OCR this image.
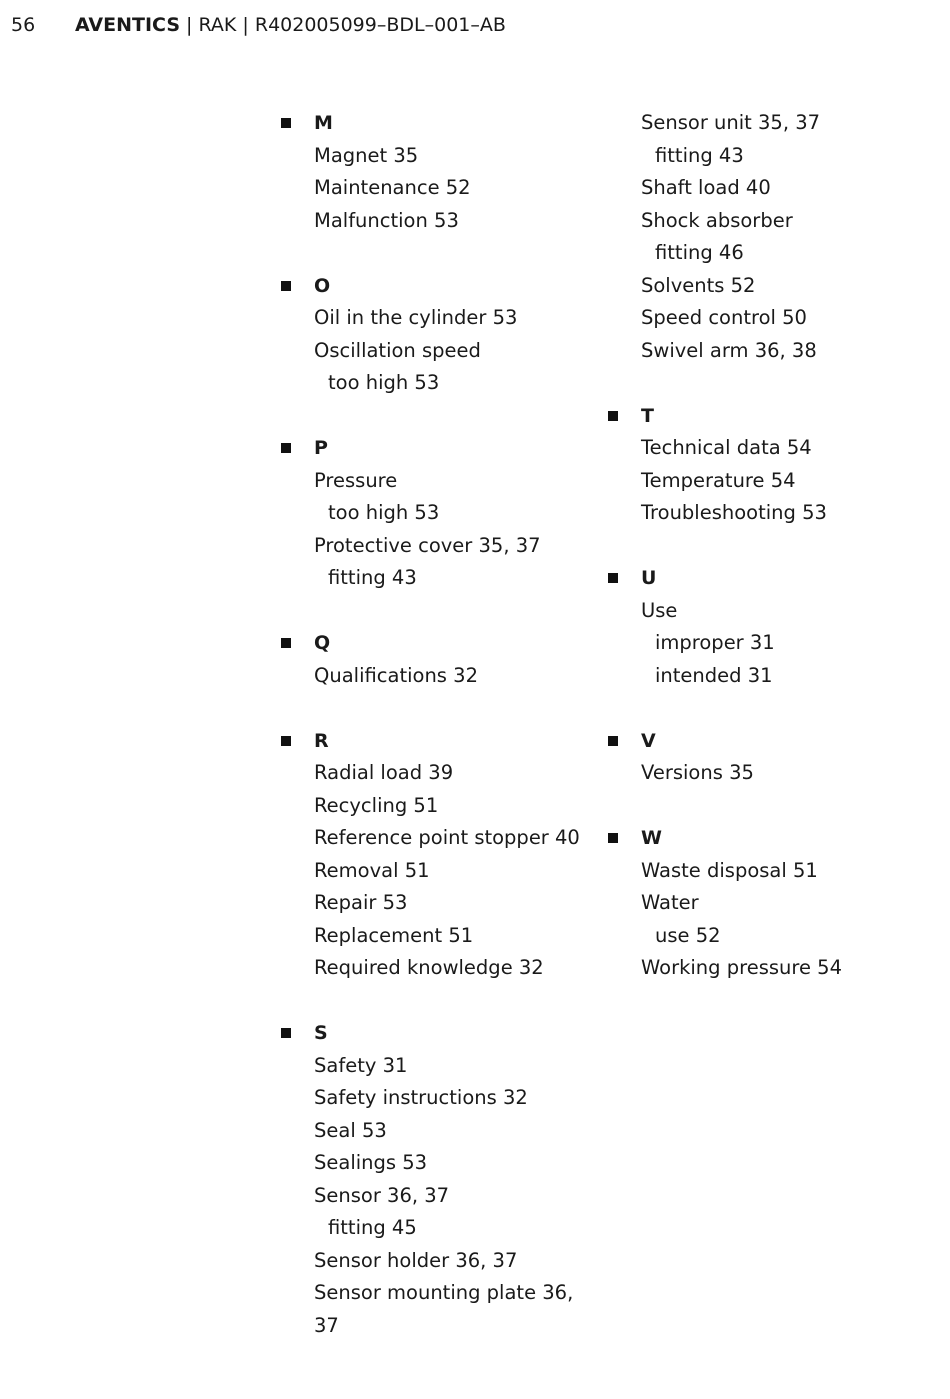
56 AVENTICS | RAK | R402005099–BDL–001–AB
M
Magnet 35
Maintenance 52
Malfunction 53
O
Oil in the cylinder 53
Oscillation speed
too high 53
P
Pressure
too high 53
Protective cover 35, 37
fitting 43
Q
Qualifications 32
R
Radial load 39
Recycling 51
Reference point stopper 40
Removal 51
Repair 53
Replacement 51
Required knowledge 32
S
Safety 31
Safety instructions 32
Seal 53
Sealings 53
Sensor 36, 37
fitting 45
Sensor holder 36, 37
Sensor mounting plate 36, 37
Sensor unit 35, 37
fitting 43
Shaft load 40
Shock absorber
fitting 46
Solvents 52
Speed control 50
Swivel arm 36, 38
T
Technical data 54
Temperature 54
Troubleshooting 53
U
Use
improper 31
intended 31
V
Versions 35
W
Waste disposal 51
Water
use 52
Working pressure 54
